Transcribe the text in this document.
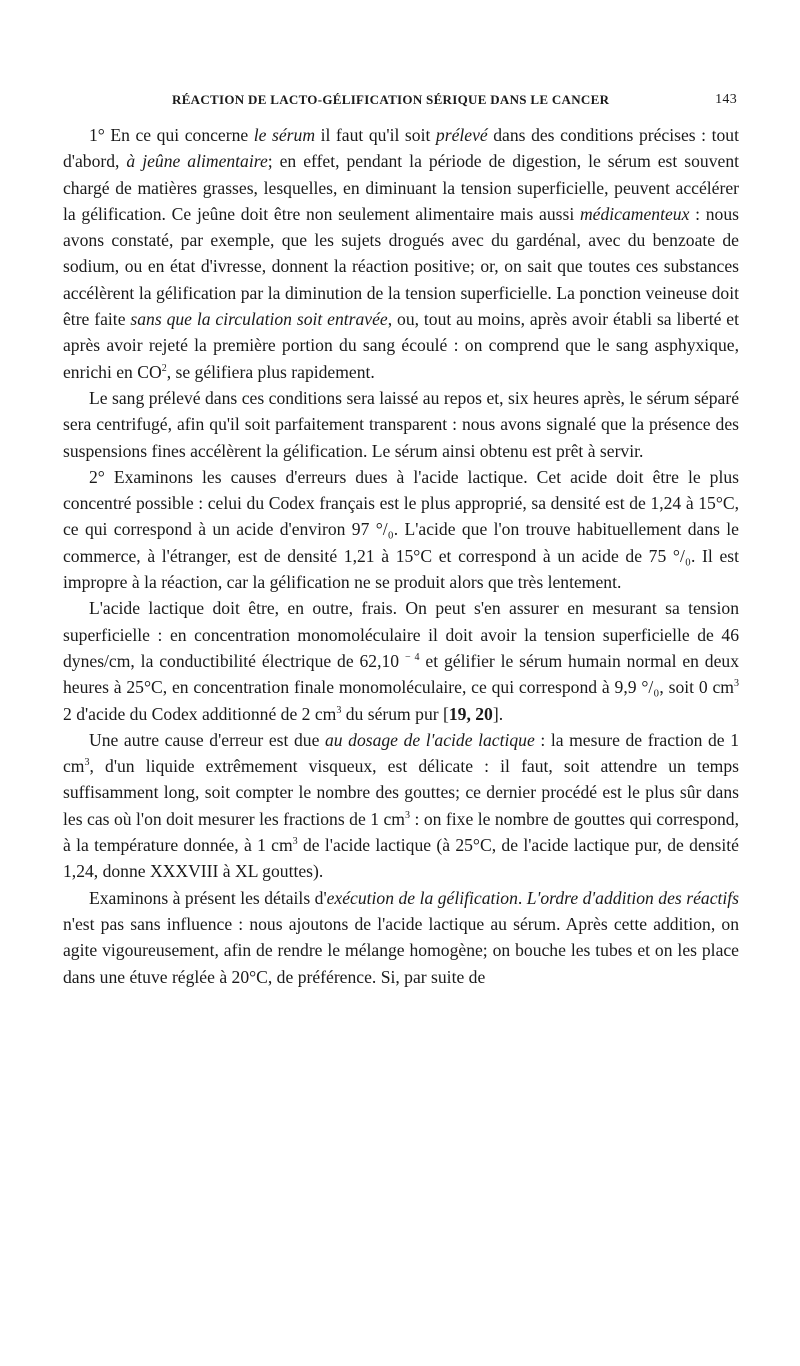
RÉACTION DE LACTO-GÉLIFICATION SÉRIQUE DANS LE CANCER	143

1° En ce qui concerne le sérum il faut qu'il soit prélevé dans des conditions précises : tout d'abord, à jeûne alimentaire; en effet, pendant la période de digestion, le sérum est souvent chargé de matières grasses, lesquelles, en diminuant la tension superficielle, peuvent accélérer la gélification. Ce jeûne doit être non seulement alimentaire mais aussi médicamenteux : nous avons constaté, par exemple, que les sujets drogués avec du gardénal, avec du benzoate de sodium, ou en état d'ivresse, donnent la réaction positive; or, on sait que toutes ces substances accélèrent la gélification par la diminution de la tension superficielle. La ponction veineuse doit être faite sans que la circulation soit entravée, ou, tout au moins, après avoir établi sa liberté et après avoir rejeté la première portion du sang écoulé : on comprend que le sang asphyxique, enrichi en $CO^2$, se gélifiera plus rapidement.

Le sang prélevé dans ces conditions sera laissé au repos et, six heures après, le sérum séparé sera centrifugé, afin qu'il soit parfaitement transparent : nous avons signalé que la présence des suspensions fines accélèrent la gélification. Le sérum ainsi obtenu est prêt à servir.

2° Examinons les causes d'erreurs dues à l'acide lactique. Cet acide doit être le plus concentré possible : celui du Codex français est le plus approprié, sa densité est de 1,24 à 15°C, ce qui correspond à un acide d'environ 97 °/₀. L'acide que l'on trouve habituellement dans le commerce, à l'étranger, est de densité 1,21 à 15°C et correspond à un acide de 75 °/₀. Il est impropre à la réaction, car la gélification ne se produit alors que très lentement.

L'acide lactique doit être, en outre, frais. On peut s'en assurer en mesurant sa tension superficielle : en concentration monomoléculaire il doit avoir la tension superficielle de 46 dynes/cm, la conductibilité électrique de 62,10 $^{- 4}$ et gélifier le sérum humain normal en deux heures à 25°C, en concentration finale monomoléculaire, ce qui correspond à 9,9 °/₀, soit 0 $cm^3$ 2 d'acide du Codex additionné de 2 $cm^3$ du sérum pur [19, 20].

Une autre cause d'erreur est due au dosage de l'acide lactique : la mesure de fraction de 1 $cm^3$, d'un liquide extrêmement visqueux, est délicate : il faut, soit attendre un temps suffisamment long, soit compter le nombre des gouttes; ce dernier procédé est le plus sûr dans les cas où l'on doit mesurer les fractions de 1 $cm^3$ : on fixe le nombre de gouttes qui correspond, à la température donnée, à 1 $cm^3$ de l'acide lactique (à 25°C, de l'acide lactique pur, de densité 1,24, donne XXXVIII à XL gouttes).

Examinons à présent les détails d'exécution de la gélification. L'ordre d'addition des réactifs n'est pas sans influence : nous ajoutons de l'acide lactique au sérum. Après cette addition, on agite vigoureusement, afin de rendre le mélange homogène; on bouche les tubes et on les place dans une étuve réglée à 20°C, de préférence. Si, par suite de
